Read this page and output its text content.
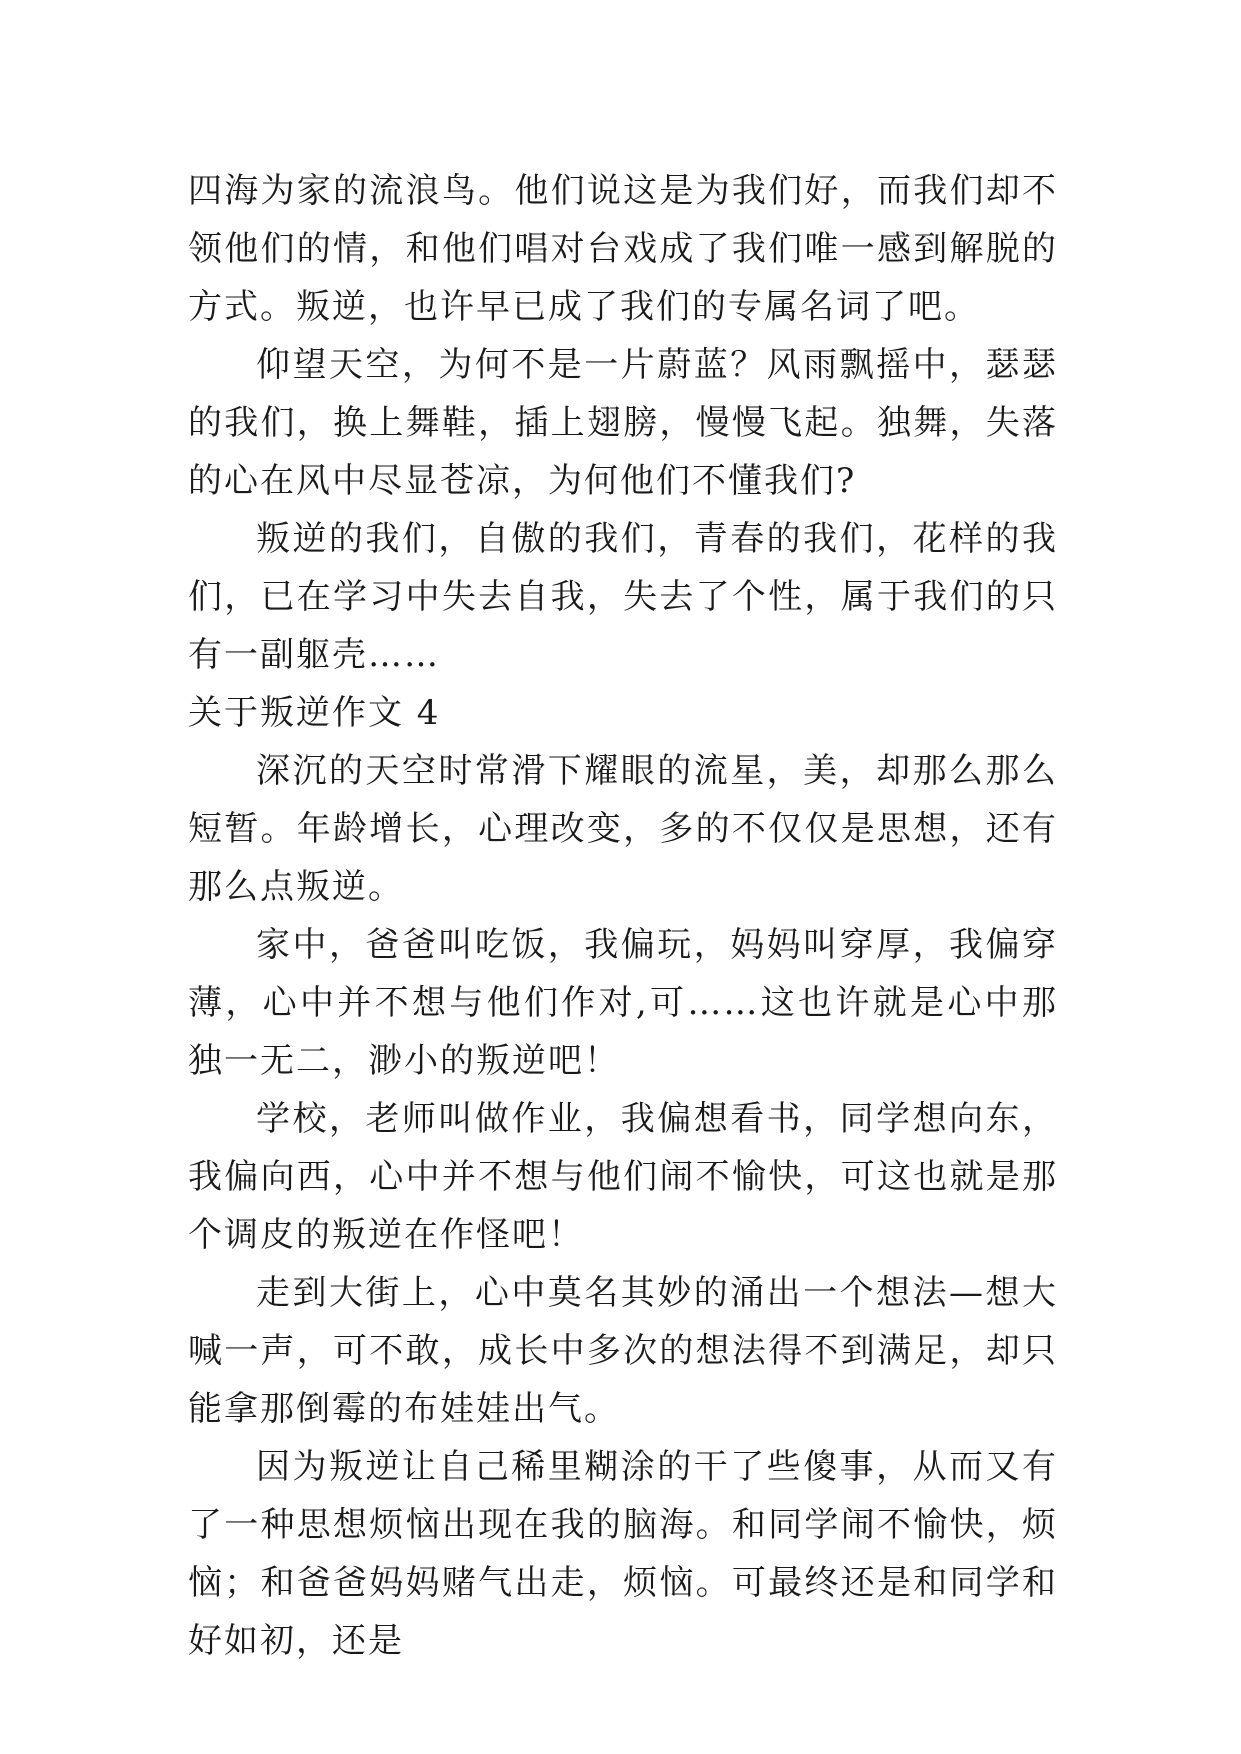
四海为家的流浪鸟。他们说这是为我们好，而我们却不领他们的情，和他们唱对台戏成了我们唯一感到解脱的方式。叛逆，也许早已成了我们的专属名词了吧。

仰望天空，为何不是一片蔚蓝？风雨飘摇中，瑟瑟的我们，换上舞鞋，插上翅膀，慢慢飞起。独舞，失落的心在风中尽显苍凉，为何他们不懂我们?

叛逆的我们，自傲的我们，青春的我们，花样的我们，已在学习中失去自我，失去了个性，属于我们的只有一副躯壳……

关于叛逆作文 4

深沉的天空时常滑下耀眼的流星，美，却那么那么短暂。年龄增长，心理改变，多的不仅仅是思想，还有那么点叛逆。

家中，爸爸叫吃饭，我偏玩，妈妈叫穿厚，我偏穿薄，心中并不想与他们作对,可……这也许就是心中那独一无二，渺小的叛逆吧！

学校，老师叫做作业，我偏想看书，同学想向东，我偏向西，心中并不想与他们闹不愉快，可这也就是那个调皮的叛逆在作怪吧！

走到大街上，心中莫名其妙的涌出一个想法—想大喊一声，可不敢，成长中多次的想法得不到满足，却只能拿那倒霉的布娃娃出气。

因为叛逆让自己稀里糊涂的干了些傻事，从而又有了一种思想烦恼出现在我的脑海。和同学闹不愉快，烦恼；和爸爸妈妈赌气出走，烦恼。可最终还是和同学和好如初，还是
